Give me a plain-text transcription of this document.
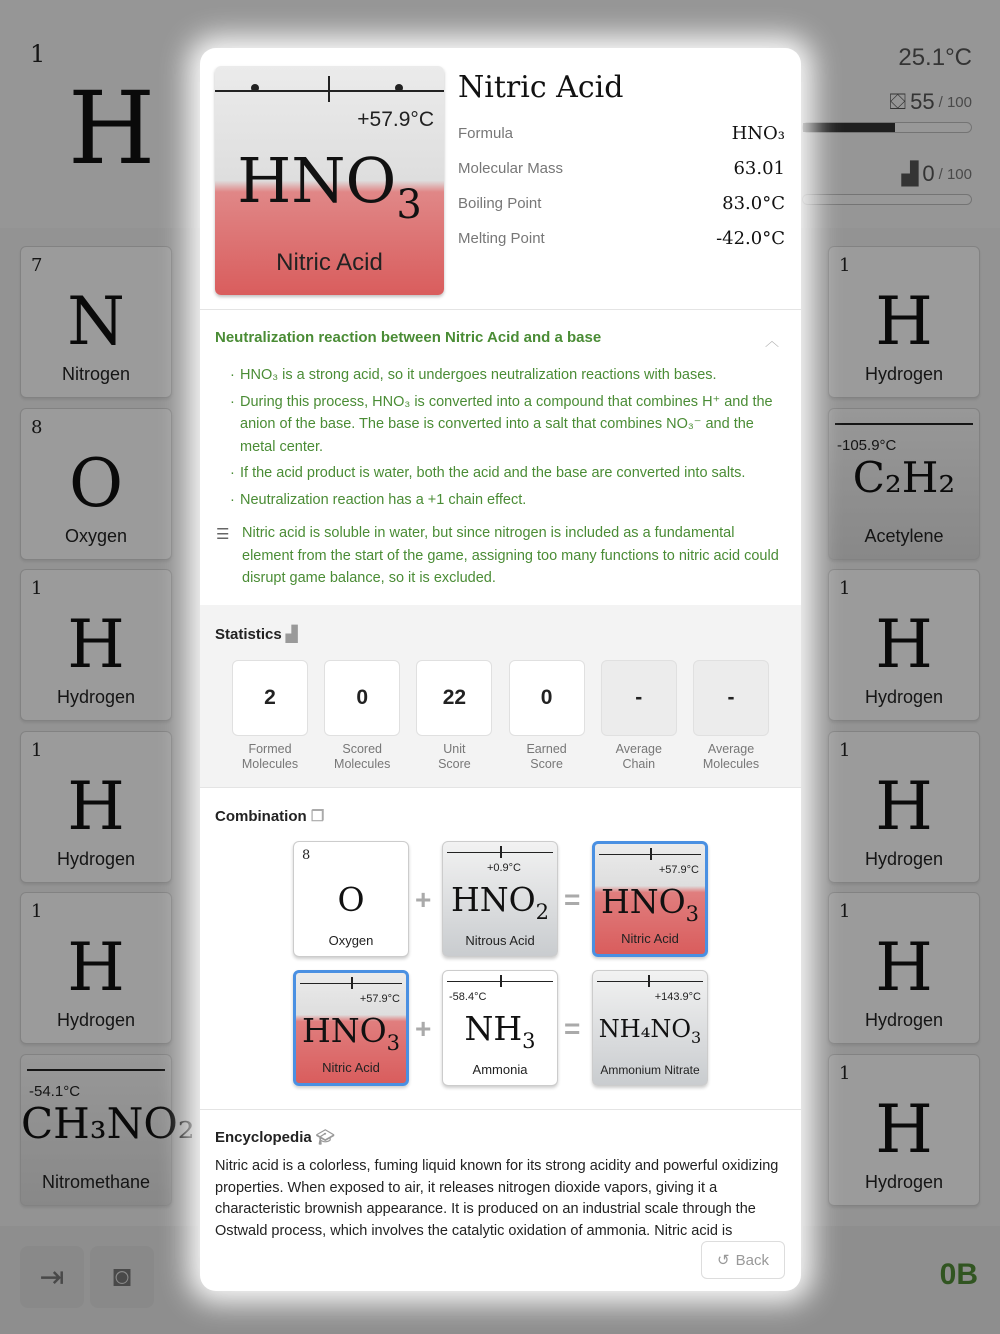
1
H
25.1°C
⛋ 55 / 100
▟ 0 / 100
7
N
Nitrogen
8
O
Oxygen
1
H
Hydrogen
1
H
Hydrogen
1
H
Hydrogen
-54.1°C
CH₃NO₂
Nitromethane
1
H
Hydrogen
-105.9°C
C₂H₂
Acetylene
1
H
Hydrogen
1
H
Hydrogen
1
H
Hydrogen
1
H
Hydrogen
⇥ ◙	0B
+57.9°C
$HNO_3$
Nitric Acid
Nitric Acid
Formula	HNO₃
Molecular Mass	63.01
Boiling Point	83.0°C
Melting Point	-42.0°C
Neutralization reaction between Nitric Acid and a base	︿

· HNO₃ is a strong acid, so it undergoes neutralization reactions with bases.

· During this process, HNO₃ is converted into a compound that combines H⁺ and the anion of the base. The base is converted into a salt that combines NO₃⁻ and the metal center.

· If the acid product is water, both the acid and the base are converted into salts.

· Neutralization reaction has a +1 chain effect.

☰ Nitric acid is soluble in water, but since nitrogen is included as a fundamental element from the start of the game, assigning too many functions to nitric acid could disrupt game balance, so it is excluded.
Statistics ▟
2
Formed
Molecules
0
Scored
Molecules
22
Unit
Score
0
Earned
Score
-
Average
Chain
-
Average
Molecules
Combination ❐
8
O
Oxygen
+
+0.9°C
$HNO_2$
Nitrous Acid
=
+57.9°C
$HNO_3$
Nitric Acid
+57.9°C
$HNO_3$
Nitric Acid
+
-58.4°C
$NH_3$
Ammonia
=
+143.9°C
$NH_4NO_3$
Ammonium Nitrate
Encyclopedia 🎓︎
Nitric acid is a colorless, fuming liquid known for its strong acidity and powerful oxidizing properties. When exposed to air, it releases nitrogen dioxide vapors, giving it a characteristic brownish appearance. It is produced on an industrial scale through the Ostwald process, which involves the catalytic oxidation of ammonia. Nitric acid is
↺ Back
